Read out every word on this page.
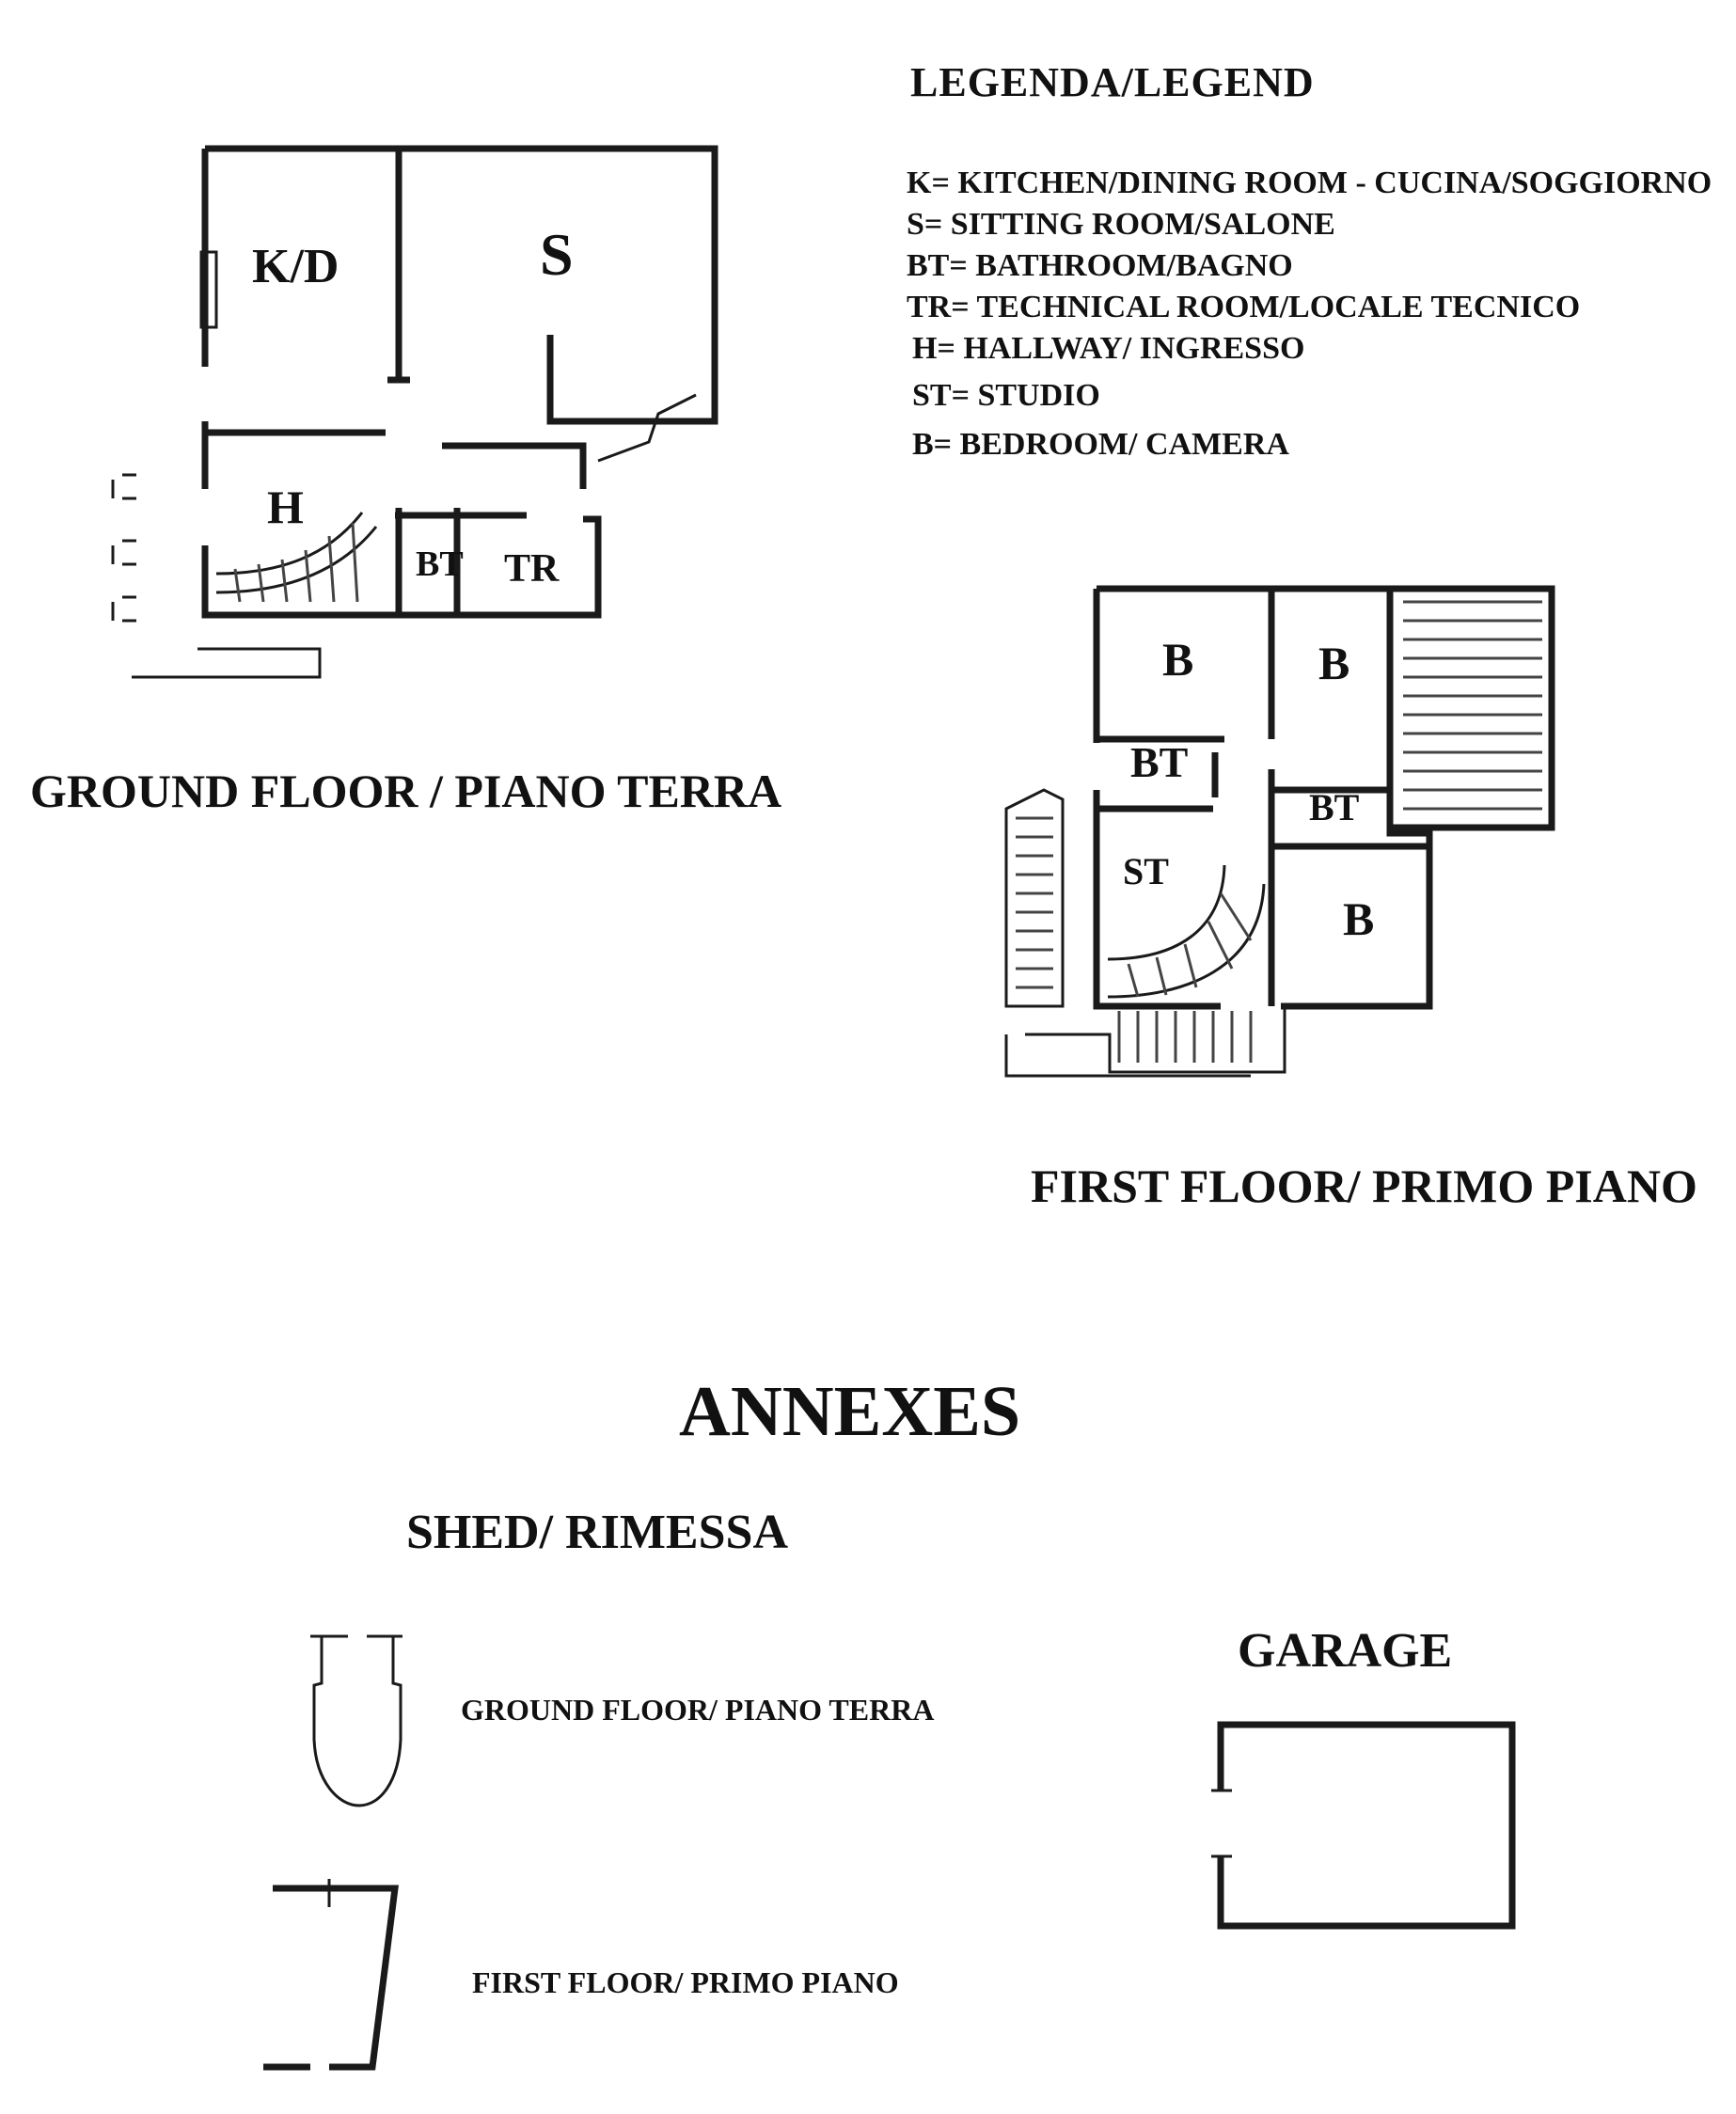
LEGENDA/LEGEND
K= KITCHEN/DINING ROOM - CUCINA/SOGGIORNO
S= SITTING ROOM/SALONE
BT= BATHROOM/BAGNO
TR= TECHNICAL ROOM/LOCALE TECNICO
H= HALLWAY/ INGRESSO
ST= STUDIO
B= BEDROOM/ CAMERA
K/D	S
H
BT TR
GROUND FLOOR / PIANO TERRA
B	B
BT
BT
ST
B
FIRST FLOOR/ PRIMO PIANO
ANNEXES
SHED/ RIMESSA
GARAGE
GROUND FLOOR/ PIANO TERRA
FIRST FLOOR/ PRIMO PIANO
